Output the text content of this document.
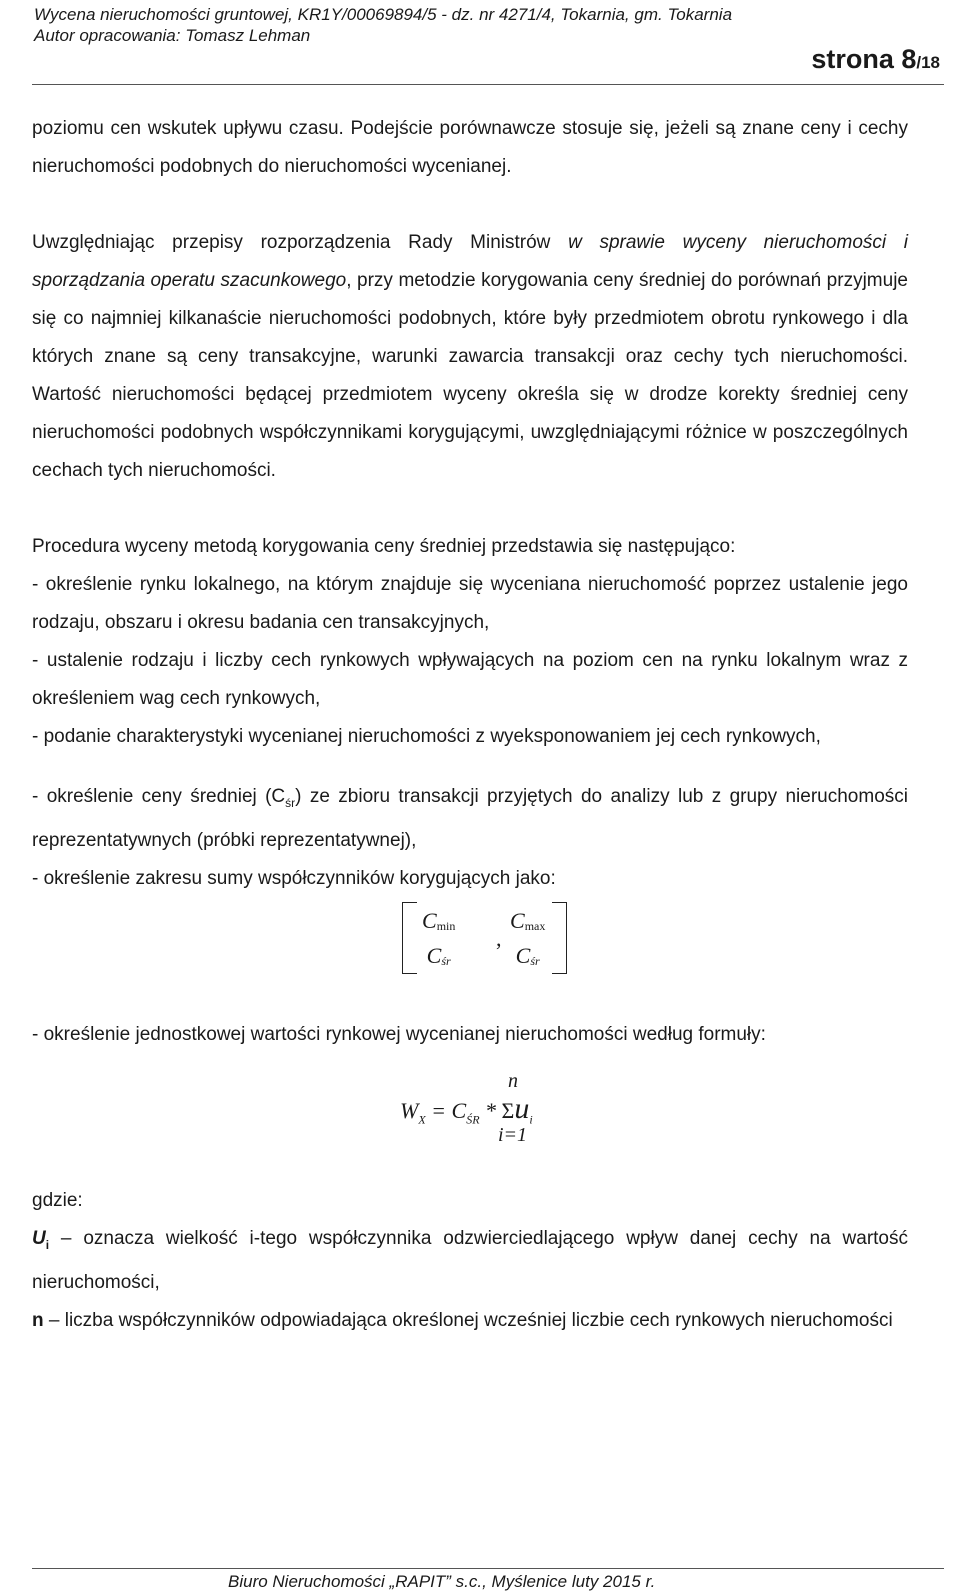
Wycena nieruchomości gruntowej, KR1Y/00069894/5 - dz. nr 4271/4, Tokarnia, gm. Tokarnia
Autor opracowania: Tomasz Lehman
strona 8/18

poziomu cen wskutek upływu czasu. Podejście porównawcze stosuje się, jeżeli są znane ceny i cechy nieruchomości podobnych do nieruchomości wycenianej.

Uwzględniając przepisy rozporządzenia Rady Ministrów w sprawie wyceny nieruchomości i sporządzania operatu szacunkowego, przy metodzie korygowania ceny średniej do porównań przyjmuje się co najmniej kilkanaście nieruchomości podobnych, które były przedmiotem obrotu rynkowego i dla których znane są ceny transakcyjne, warunki zawarcia transakcji oraz cechy tych nieruchomości. Wartość nieruchomości będącej przedmiotem wyceny określa się w drodze korekty średniej ceny nieruchomości podobnych współczynnikami korygującymi, uwzględniającymi różnice w poszczególnych cechach tych nieruchomości.

Procedura wyceny metodą korygowania ceny średniej przedstawia się następująco:

- określenie rynku lokalnego, na którym znajduje się wyceniana nieruchomość poprzez ustalenie jego rodzaju, obszaru i okresu badania cen transakcyjnych,

- ustalenie rodzaju i liczby cech rynkowych wpływających na poziom cen na rynku lokalnym wraz z określeniem wag cech rynkowych,

- podanie charakterystyki wycenianej nieruchomości z wyeksponowaniem jej cech rynkowych,

- określenie ceny średniej $(C_{śr})$ ze zbioru transakcji przyjętych do analizy lub z grupy nieruchomości reprezentatywnych (próbki reprezentatywnej),

- określenie zakresu sumy współczynników korygujących jako:

$C_{min}$
$C_{śr}$
,
$C_{max}$
$C_{śr}$

- określenie jednostkowej wartości rynkowej wycenianej nieruchomości według formuły:

$W_X = C_{ŚR} * \Sigma u_i$
n
i=1

gdzie:

$U_i$ – oznacza wielkość i-tego współczynnika odzwierciedlającego wpływ danej cechy na wartość nieruchomości,

n – liczba współczynników odpowiadająca określonej wcześniej liczbie cech rynkowych nieruchomości

Biuro Nieruchomości „RAPIT” s.c., Myślenice luty 2015 r.
